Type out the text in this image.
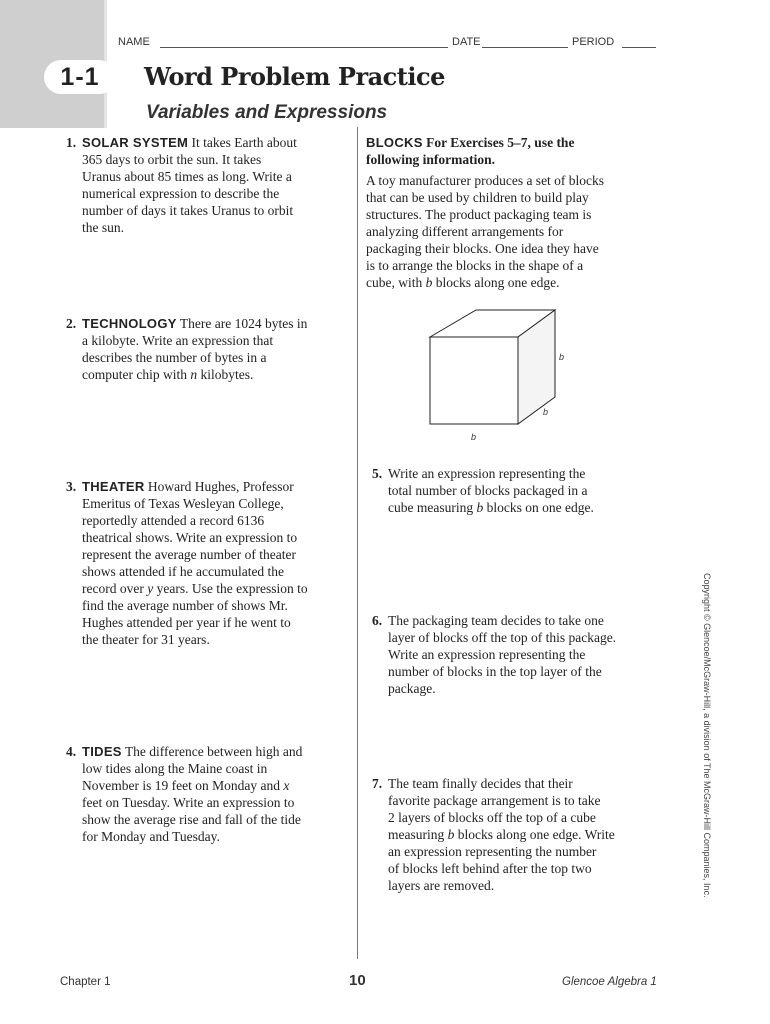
NAME	DATE	PERIOD
1-1	Word Problem Practice
Variables and Expressions
1. SOLAR SYSTEM It takes Earth about
365 days to orbit the sun. It takes
Uranus about 85 times as long. Write a
numerical expression to describe the
number of days it takes Uranus to orbit
the sun.
2. TECHNOLOGY There are 1024 bytes in
a kilobyte. Write an expression that
describes the number of bytes in a
computer chip with n kilobytes.
3. THEATER Howard Hughes, Professor
Emeritus of Texas Wesleyan College,
reportedly attended a record 6136
theatrical shows. Write an expression to
represent the average number of theater
shows attended if he accumulated the
record over y years. Use the expression to
find the average number of shows Mr.
Hughes attended per year if he went to
the theater for 31 years.
4. TIDES The difference between high and
low tides along the Maine coast in
November is 19 feet on Monday and x
feet on Tuesday. Write an expression to
show the average rise and fall of the tide
for Monday and Tuesday.
BLOCKS For Exercises 5–7, use the
following information.
A toy manufacturer produces a set of blocks
that can be used by children to build play
structures. The product packaging team is
analyzing different arrangements for
packaging their blocks. One idea they have
is to arrange the blocks in the shape of a
cube, with b blocks along one edge.
b
b
b
5. Write an expression representing the
total number of blocks packaged in a
cube measuring b blocks on one edge.
6. The packaging team decides to take one
layer of blocks off the top of this package.
Write an expression representing the
number of blocks in the top layer of the
package.
7. The team finally decides that their
favorite package arrangement is to take
2 layers of blocks off the top of a cube
measuring b blocks along one edge. Write
an expression representing the number
of blocks left behind after the top two
layers are removed.	Copyright © Glencoe/McGraw-Hill, a division of The McGraw-Hill Companies, Inc.
Chapter 1	10	Glencoe Algebra 1
